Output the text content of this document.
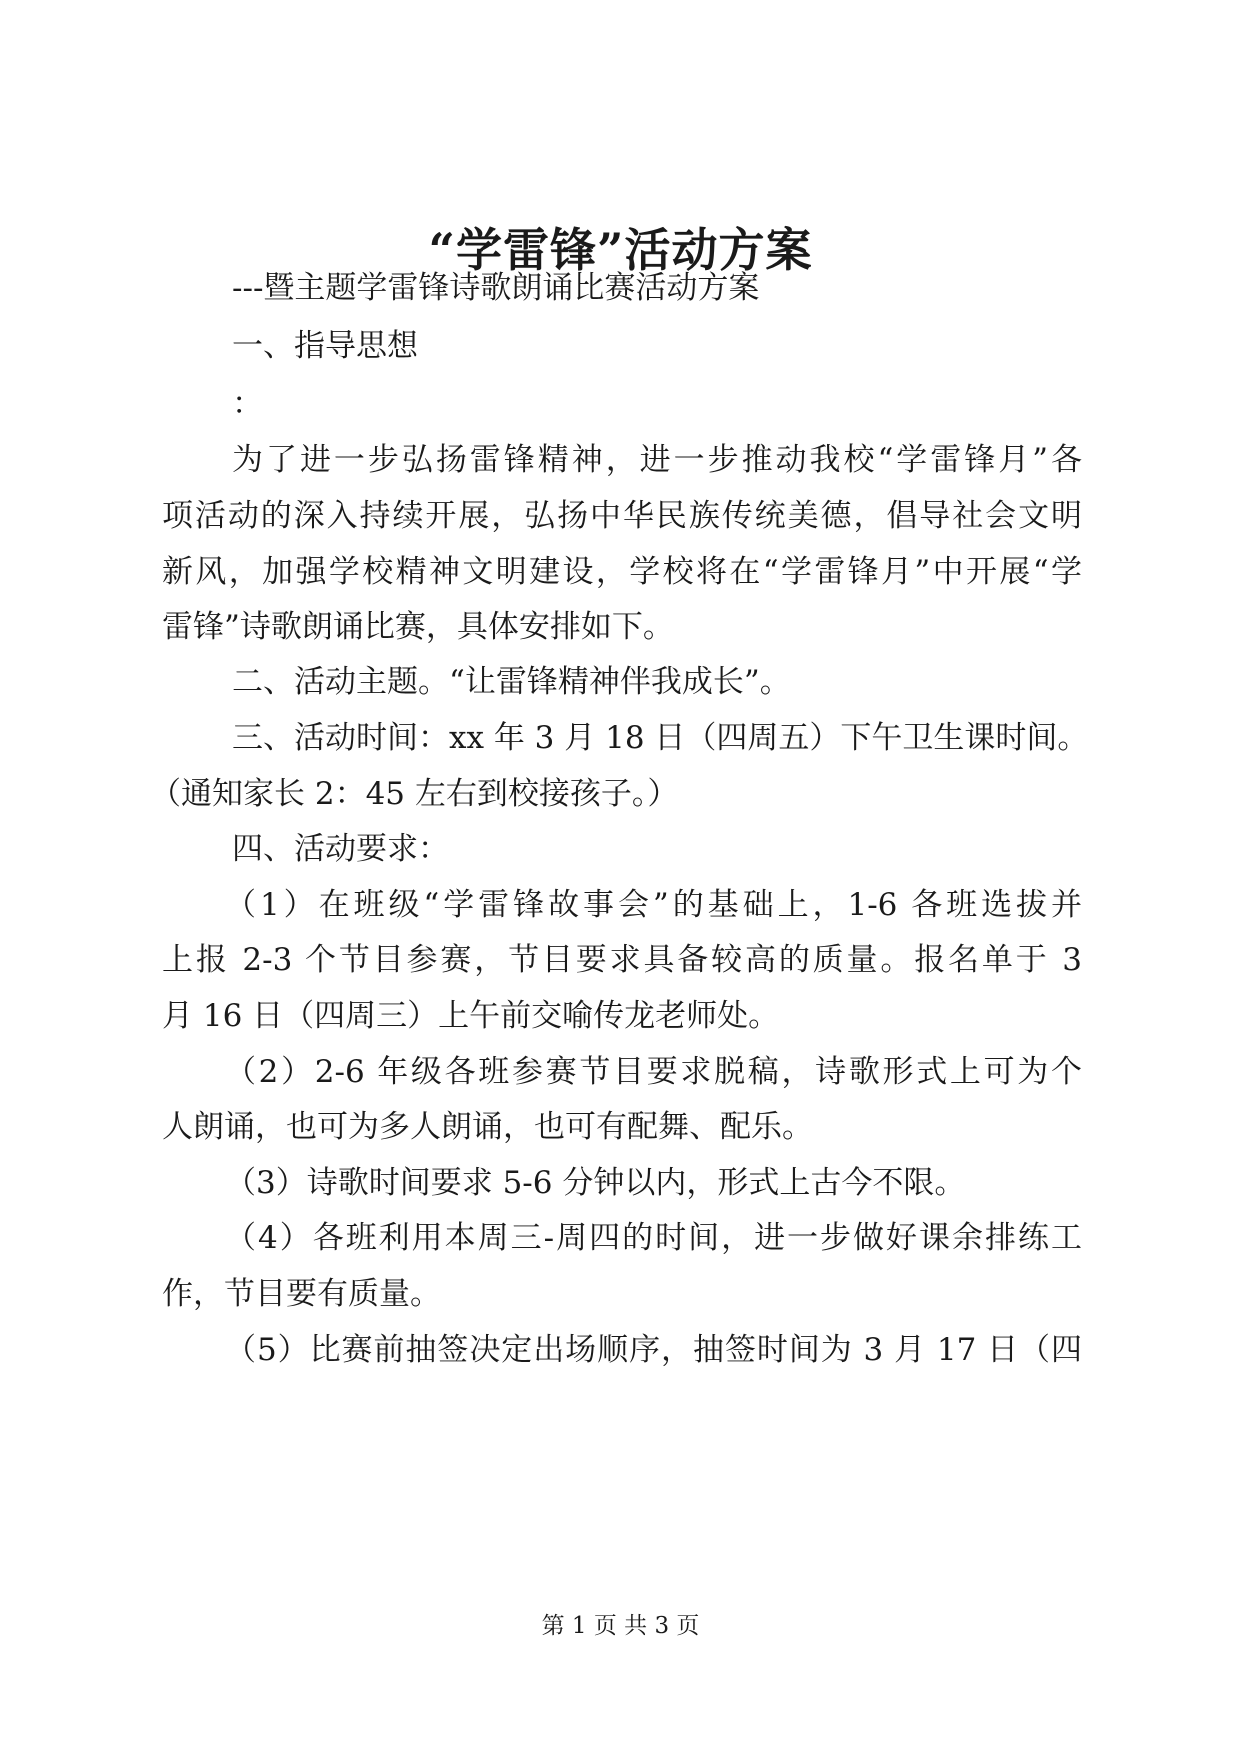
“学雷锋”活动方案
---暨主题学雷锋诗歌朗诵比赛活动方案
一、指导思想
：
为了进一步弘扬雷锋精神，进一步推动我校“学雷锋月”各
项活动的深入持续开展，弘扬中华民族传统美德，倡导社会文明
新风，加强学校精神文明建设，学校将在“学雷锋月”中开展“学
雷锋”诗歌朗诵比赛，具体安排如下。
二、活动主题。“让雷锋精神伴我成长”。
三、活动时间：xx 年 3 月 18 日（四周五）下午卫生课时间。
（通知家长 2：45 左右到校接孩子。）
四、活动要求：
（1）在班级“学雷锋故事会”的基础上，1-6 各班选拔并
上报 2-3 个节目参赛，节目要求具备较高的质量。报名单于 3
月 16 日（四周三）上午前交喻传龙老师处。
（2）2-6 年级各班参赛节目要求脱稿，诗歌形式上可为个
人朗诵，也可为多人朗诵，也可有配舞、配乐。
（3）诗歌时间要求 5-6 分钟以内，形式上古今不限。
（4）各班利用本周三-周四的时间，进一步做好课余排练工
作，节目要有质量。
（5）比赛前抽签决定出场顺序，抽签时间为 3 月 17 日（四
第 1 页 共 3 页
